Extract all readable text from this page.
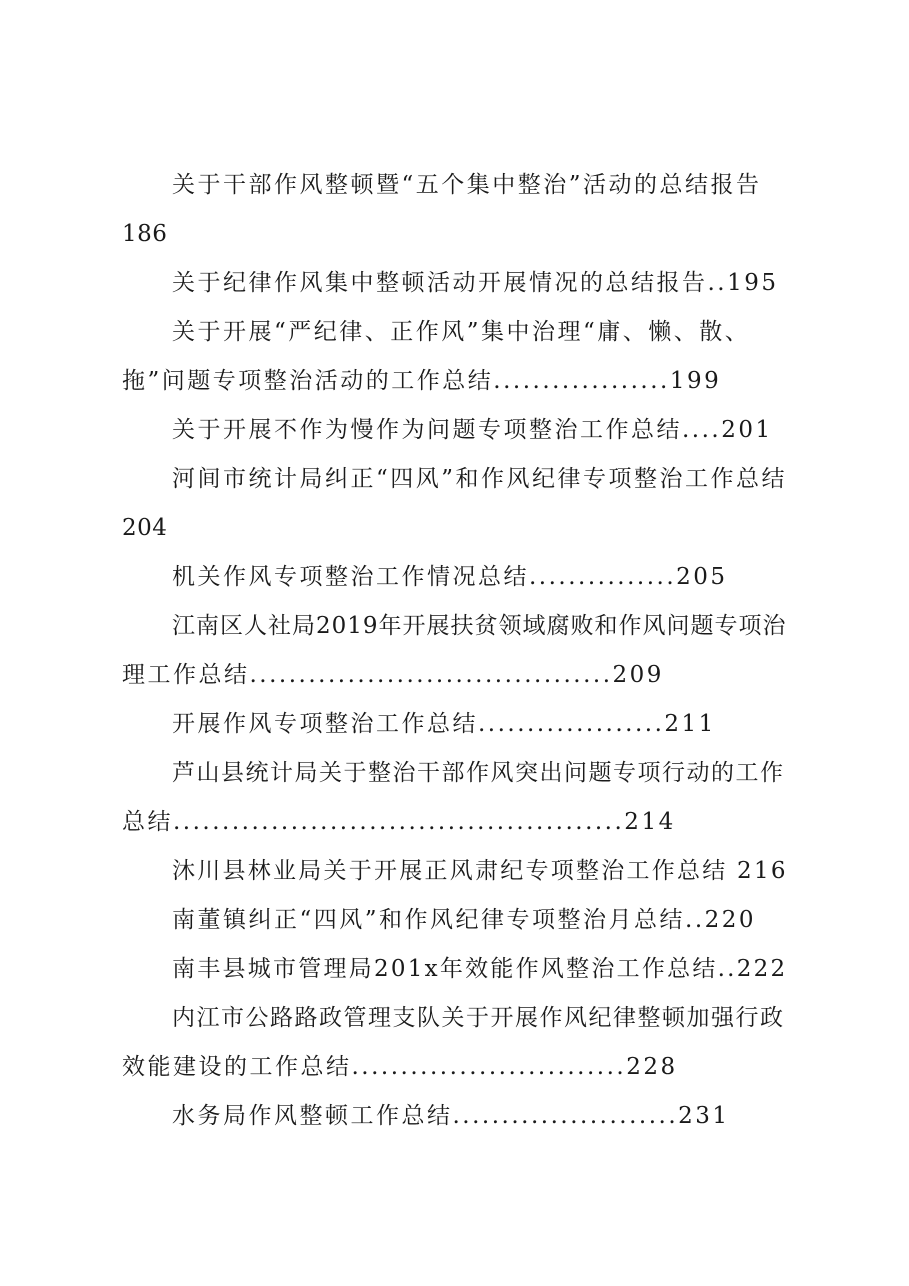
关于干部作风整顿暨“五个集中整治”活动的总结报告
186
关于纪律作风集中整顿活动开展情况的总结报告..195
关于开展“严纪律、正作风”集中治理“庸、懒、散、
拖”问题专项整治活动的工作总结..................199
关于开展不作为慢作为问题专项整治工作总结....201
河间市统计局纠正“四风”和作风纪律专项整治工作总结
204
机关作风专项整治工作情况总结...............205
江南区人社局2019年开展扶贫领域腐败和作风问题专项治
理工作总结.....................................209
开展作风专项整治工作总结...................211
芦山县统计局关于整治干部作风突出问题专项行动的工作
总结..............................................214
沐川县林业局关于开展正风肃纪专项整治工作总结 216
南董镇纠正“四风”和作风纪律专项整治月总结..220
南丰县城市管理局201x年效能作风整治工作总结..222
内江市公路路政管理支队关于开展作风纪律整顿加强行政
效能建设的工作总结............................228
水务局作风整顿工作总结.......................231
